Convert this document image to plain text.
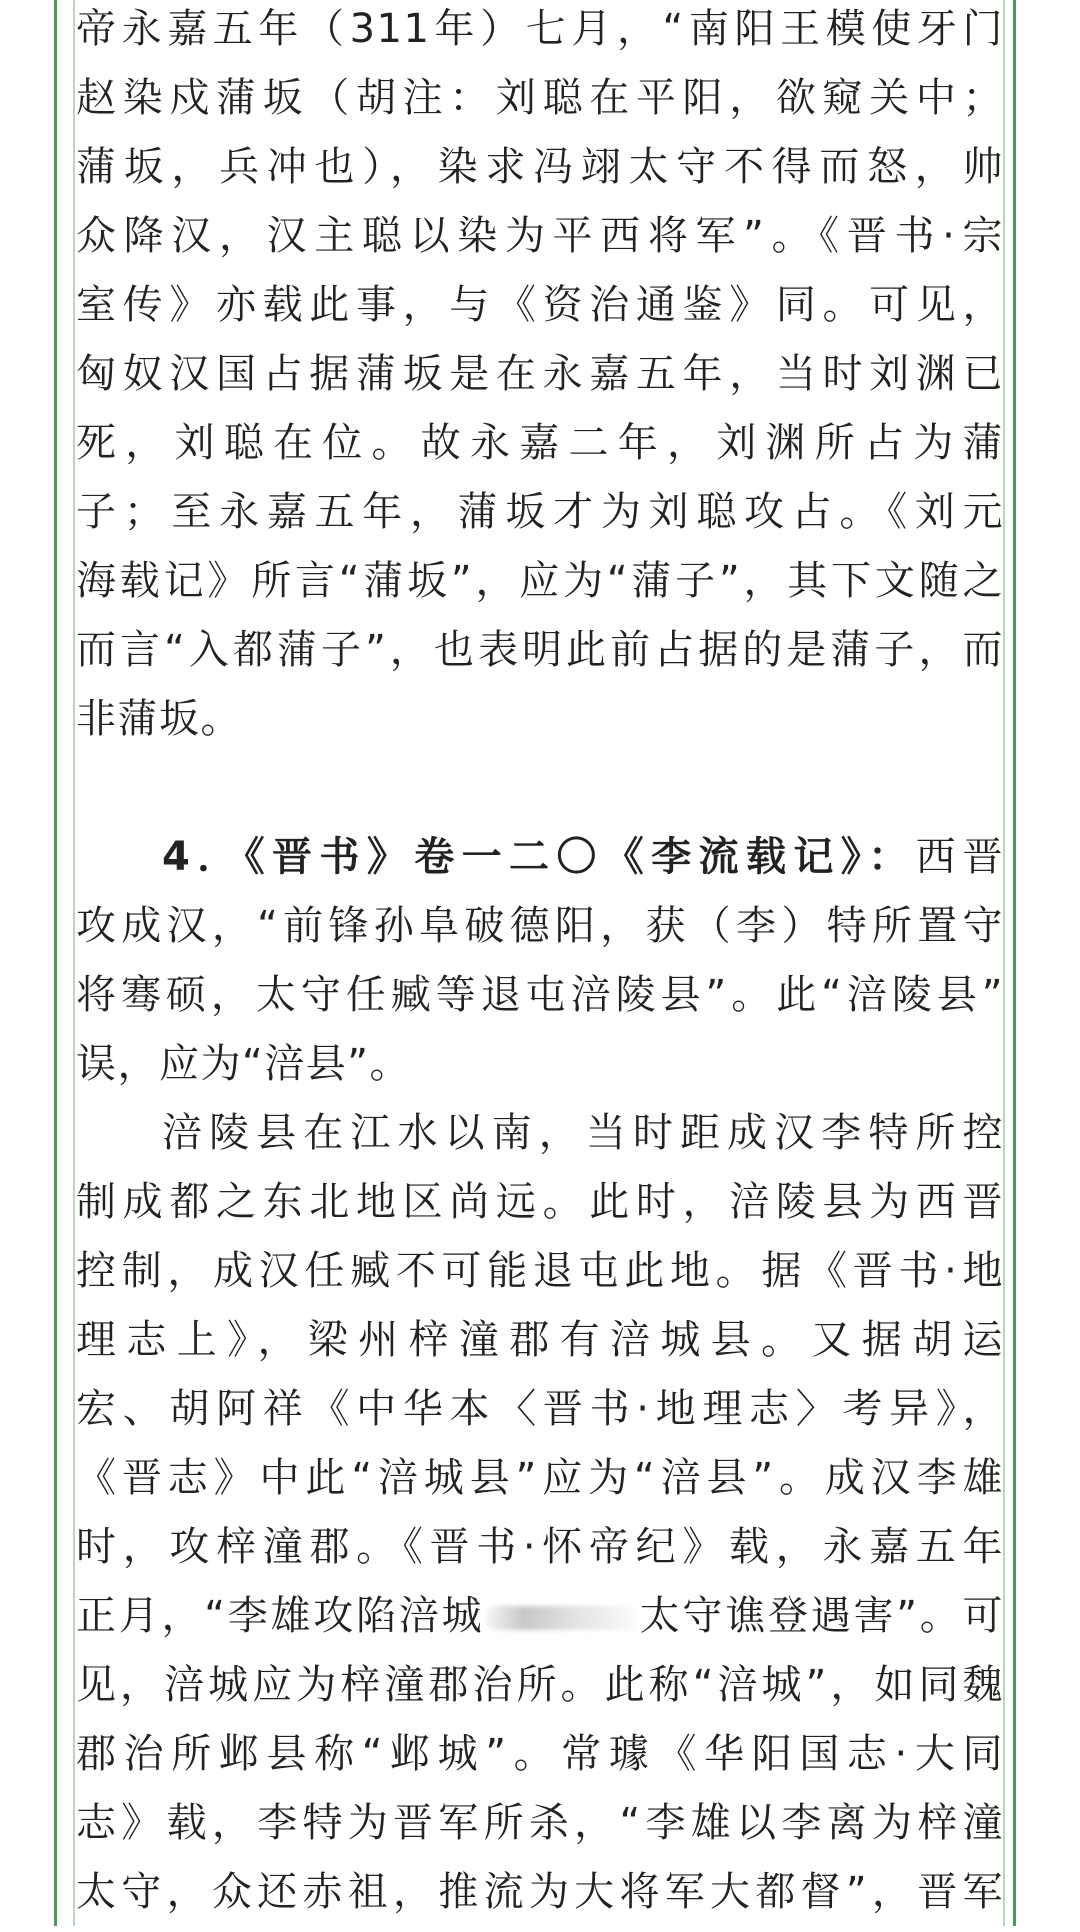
帝永嘉五年（311年）七月，“南阳王模使牙门
赵染戍蒲坂（胡注：刘聪在平阳，欲窥关中；
蒲坂，兵冲也），染求冯翊太守不得而怒，帅
众降汉，汉主聪以染为平西将军”。《晋书·宗
室传》亦载此事，与《资治通鉴》同。可见，
匈奴汉国占据蒲坂是在永嘉五年，当时刘渊已
死，刘聪在位。故永嘉二年，刘渊所占为蒲
子；至永嘉五年，蒲坂才为刘聪攻占。《刘元
海载记》所言“蒲坂”，应为“蒲子”，其下文随之
而言“入都蒲子”，也表明此前占据的是蒲子，而
非蒲坂。
4．《晋书》卷一二〇《李流载记》：西晋
攻成汉，“前锋孙阜破德阳，获（李）特所置守
将骞硕，太守任臧等退屯涪陵县”。此“涪陵县”
误，应为“涪县”。
涪陵县在江水以南，当时距成汉李特所控
制成都之东北地区尚远。此时，涪陵县为西晋
控制，成汉任臧不可能退屯此地。据《晋书·地
理志上》，梁州梓潼郡有涪城县。又据胡运
宏、胡阿祥《中华本〈晋书·地理志〉考异》，
《晋志》中此“涪城县”应为“涪县”。成汉李雄
时，攻梓潼郡。《晋书·怀帝纪》载，永嘉五年
正月，“李雄攻陷涪城	太守谯登遇害”。可
见，涪城应为梓潼郡治所。此称“涪城”，如同魏
郡治所邺县称“邺城”。常璩《华阳国志·大同
志》载，李特为晋军所杀，“李雄以李离为梓潼
太守，众还赤祖，推流为大将军大都督”，晋军
